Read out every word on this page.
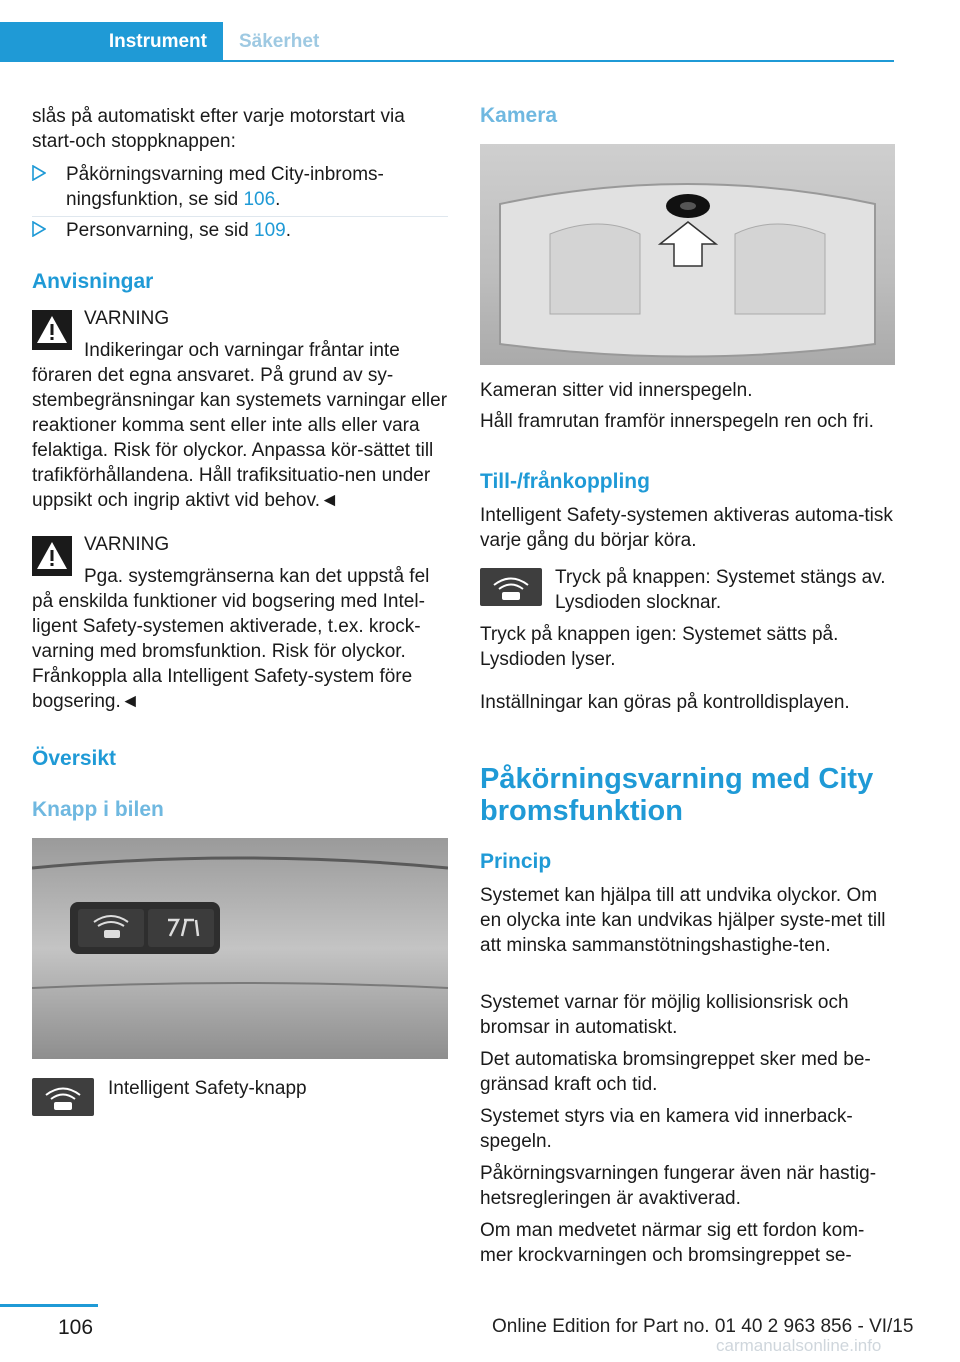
Instrument	Säkerhet

slås på automatiskt efter varje motorstart via start‑och stoppknappen:

Påkörningsvarning med City‑inbroms‐ningsfunktion, se sid 106.
Personvarning, se sid 109.
Anvisningar

VARNING

Indikeringar och varningar fråntar inte

föraren det egna ansvaret. På grund av sy‐stembegränsningar kan systemets varningar eller reaktioner komma sent eller inte alls eller vara felaktiga. Risk för olyckor. Anpassa kör‐sättet till trafikförhållandena. Håll trafiksituatio‐nen under uppsikt och ingrip aktivt vid behov.◄

VARNING

Pga. systemgränserna kan det uppstå fel

på enskilda funktioner vid bogsering med Intel‐ligent Safety‑systemen aktiverade, t.ex. krock‐varning med bromsfunktion. Risk för olyckor. Frånkoppla alla Intelligent Safety‑system före bogsering.◄

Översikt
Knapp i bilen

Intelligent Safety‑knapp

Kamera

Kameran sitter vid innerspegeln.

Håll framrutan framför innerspegeln ren och fri.

Till‑/frånkoppling

Intelligent Safety‑systemen aktiveras automa‐tisk varje gång du börjar köra.

Tryck på knappen: Systemet stängs av. Lysdioden slocknar.

Tryck på knappen igen: Systemet sätts på. Lysdioden lyser.

Inställningar kan göras på kontrolldisplayen.

Påkörningsvarning med City bromsfunktion
Princip

Systemet kan hjälpa till att undvika olyckor. Om en olycka inte kan undvikas hjälper syste‐met till att minska sammanstötningshastighe‐ten.

Systemet varnar för möjlig kollisionsrisk och bromsar in automatiskt.

Det automatiska bromsingreppet sker med be‐gränsad kraft och tid.

Systemet styrs via en kamera vid innerback‐spegeln.

Påkörningsvarningen fungerar även när hastig‐hetsregleringen är avaktiverad.

Om man medvetet närmar sig ett fordon kom‐mer krockvarningen och bromsingreppet se‐

106	Online Edition for Part no. 01 40 2 963 856 - VI/15
carmanualsonline.info
